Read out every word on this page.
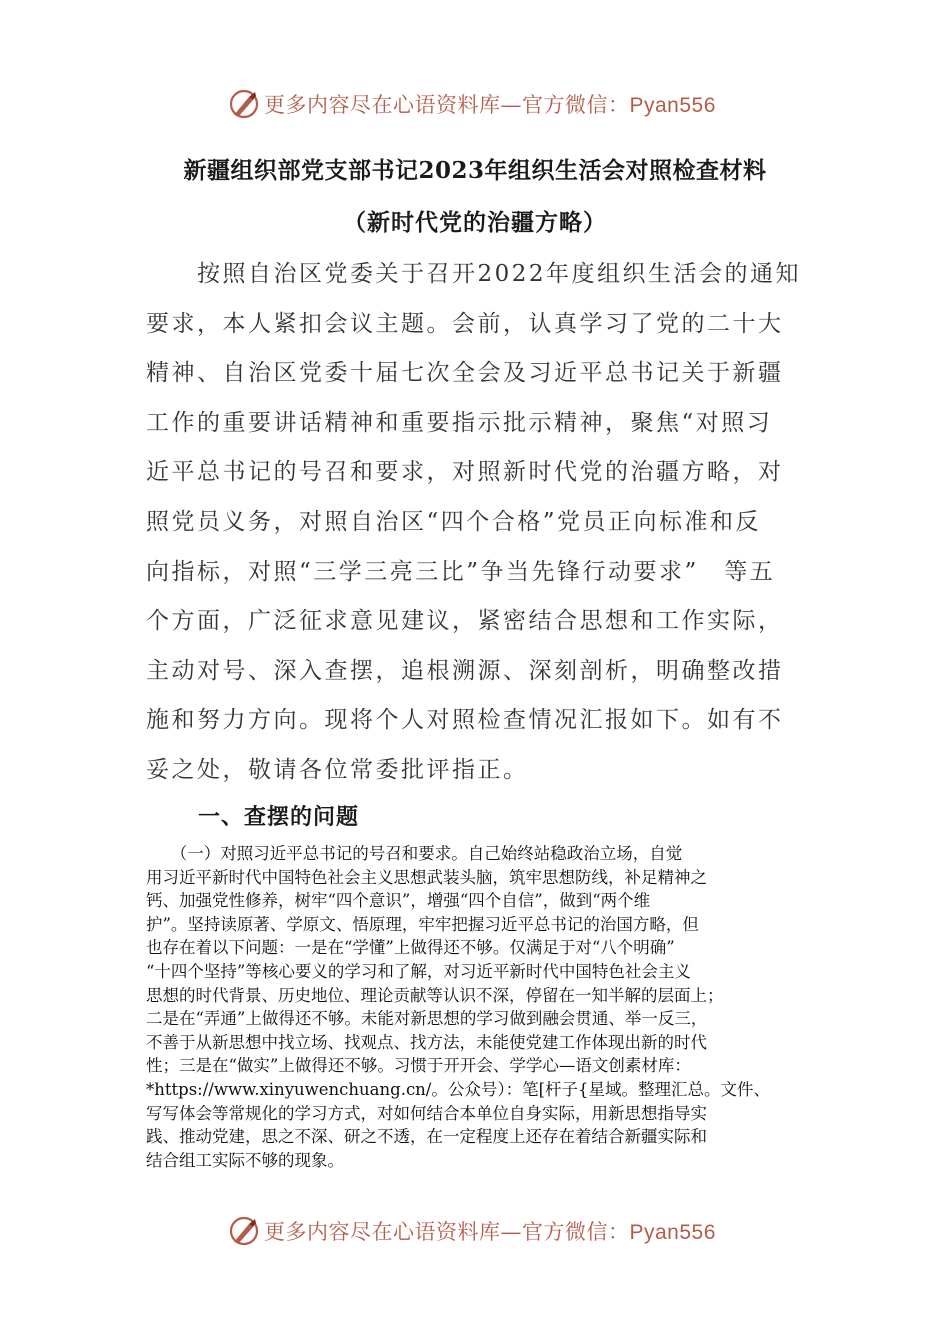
更多内容尽在心语资料库—官方微信：Pyan556
新疆组织部党支部书记2023年组织生活会对照检查材料
（新时代党的治疆方略）
　　按照自治区党委关于召开2022年度组织生活会的通知
要求，本人紧扣会议主题。会前，认真学习了党的二十大
精神、自治区党委十届七次全会及习近平总书记关于新疆
工作的重要讲话精神和重要指示批示精神，聚焦“对照习
近平总书记的号召和要求，对照新时代党的治疆方略，对
照党员义务，对照自治区“四个合格”党员正向标准和反
向指标，对照“三学三亮三比”争当先锋行动要求”　等五
个方面，广泛征求意见建议，紧密结合思想和工作实际，
主动对号、深入查摆，追根溯源、深刻剖析，明确整改措
施和努力方向。现将个人对照检查情况汇报如下。如有不
妥之处，敬请各位常委批评指正。
一、查摆的问题
　　（一）对照习近平总书记的号召和要求。自己始终站稳政治立场，自觉
用习近平新时代中国特色社会主义思想武装头脑，筑牢思想防线，补足精神之
钙、加强党性修养，树牢“四个意识”，增强“四个自信”，做到“两个维
护”。坚持读原著、学原文、悟原理，牢牢把握习近平总书记的治国方略，但
也存在着以下问题：一是在“学懂”上做得还不够。仅满足于对“八个明确”
“十四个坚持”等核心要义的学习和了解，对习近平新时代中国特色社会主义
思想的时代背景、历史地位、理论贡献等认识不深，停留在一知半解的层面上；
二是在“弄通”上做得还不够。未能对新思想的学习做到融会贯通、举一反三，
不善于从新思想中找立场、找观点、找方法，未能使党建工作体现出新的时代
性；三是在“做实”上做得还不够。习惯于开开会、学学心—语文创素材库：
*https://www.xinyuwenchuang.cn/。公众号）：笔[杆子{星域。整理汇总。文件、
写写体会等常规化的学习方式，对如何结合本单位自身实际，用新思想指导实
践、推动党建，思之不深、研之不透，在一定程度上还存在着结合新疆实际和
结合组工实际不够的现象。
更多内容尽在心语资料库—官方微信：Pyan556
